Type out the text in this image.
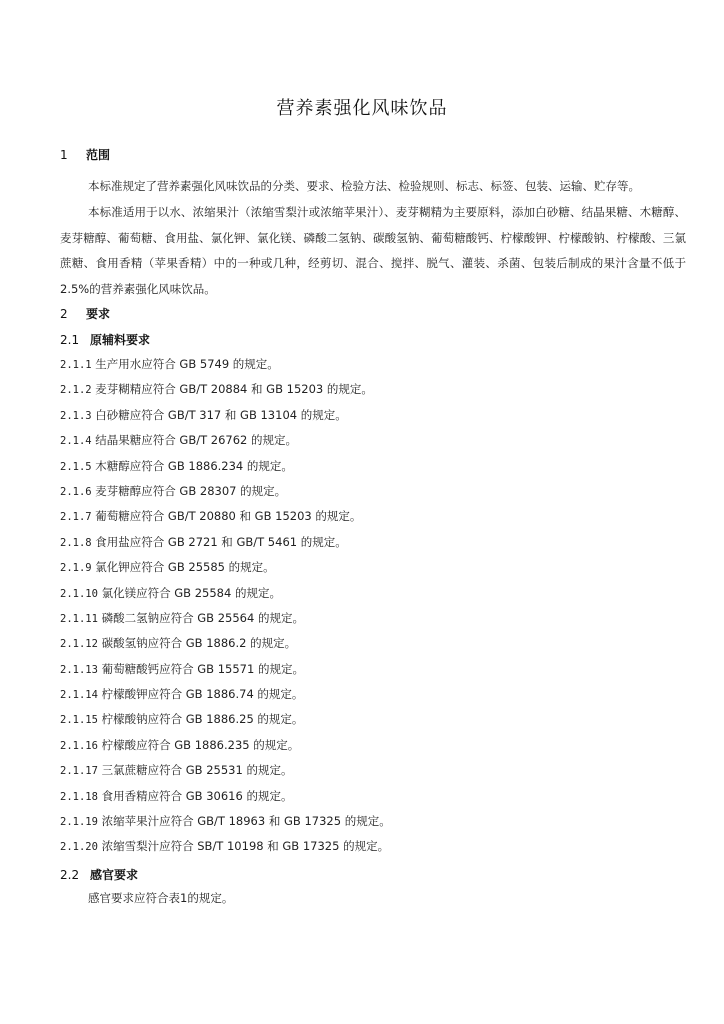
营养素强化风味饮品
1 范围
本标准规定了营养素强化风味饮品的分类、要求、检验方法、检验规则、标志、标签、包装、运输、贮存等。
本标准适用于以水、浓缩果汁（浓缩雪梨汁或浓缩苹果汁）、麦芽糊精为主要原料，添加白砂糖、结晶果糖、木糖醇、麦芽糖醇、葡萄糖、食用盐、氯化钾、氯化镁、磷酸二氢钠、碳酸氢钠、葡萄糖酸钙、柠檬酸钾、柠檬酸钠、柠檬酸、三氯蔗糖、食用香精（苹果香精）中的一种或几种，经剪切、混合、搅拌、脱气、灌装、杀菌、包装后制成的果汁含量不低于2.5%的营养素强化风味饮品。
2 要求
2.1 原辅料要求
2.1.1 生产用水应符合 GB 5749 的规定。
2.1.2 麦芽糊精应符合 GB/T 20884 和 GB 15203 的规定。
2.1.3 白砂糖应符合 GB/T 317 和 GB 13104 的规定。
2.1.4 结晶果糖应符合 GB/T 26762 的规定。
2.1.5 木糖醇应符合 GB 1886.234 的规定。
2.1.6 麦芽糖醇应符合 GB 28307 的规定。
2.1.7 葡萄糖应符合 GB/T 20880 和 GB 15203 的规定。
2.1.8 食用盐应符合 GB 2721 和 GB/T 5461 的规定。
2.1.9 氯化钾应符合 GB 25585 的规定。
2.1.10 氯化镁应符合 GB 25584 的规定。
2.1.11 磷酸二氢钠应符合 GB 25564 的规定。
2.1.12 碳酸氢钠应符合 GB 1886.2 的规定。
2.1.13 葡萄糖酸钙应符合 GB 15571 的规定。
2.1.14 柠檬酸钾应符合 GB 1886.74 的规定。
2.1.15 柠檬酸钠应符合 GB 1886.25 的规定。
2.1.16 柠檬酸应符合 GB 1886.235 的规定。
2.1.17 三氯蔗糖应符合 GB 25531 的规定。
2.1.18 食用香精应符合 GB 30616 的规定。
2.1.19 浓缩苹果汁应符合 GB/T 18963 和 GB 17325 的规定。
2.1.20 浓缩雪梨汁应符合 SB/T 10198 和 GB 17325 的规定。
2.2 感官要求
感官要求应符合表1的规定。
